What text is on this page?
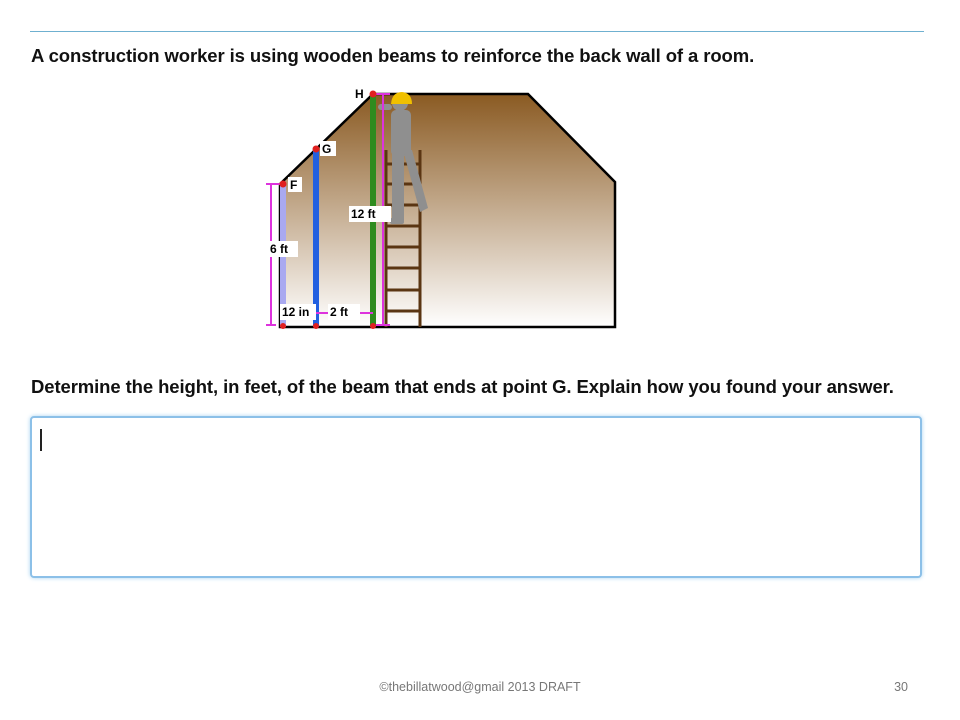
A construction worker is using wooden beams to reinforce the back wall of a room.
F
G
H
6 ft
12 ft
12 in 2 ft
Determine the height, in feet, of the beam that ends at point G. Explain how you found your answer.
©thebillatwood@gmail 2013 DRAFT	30
